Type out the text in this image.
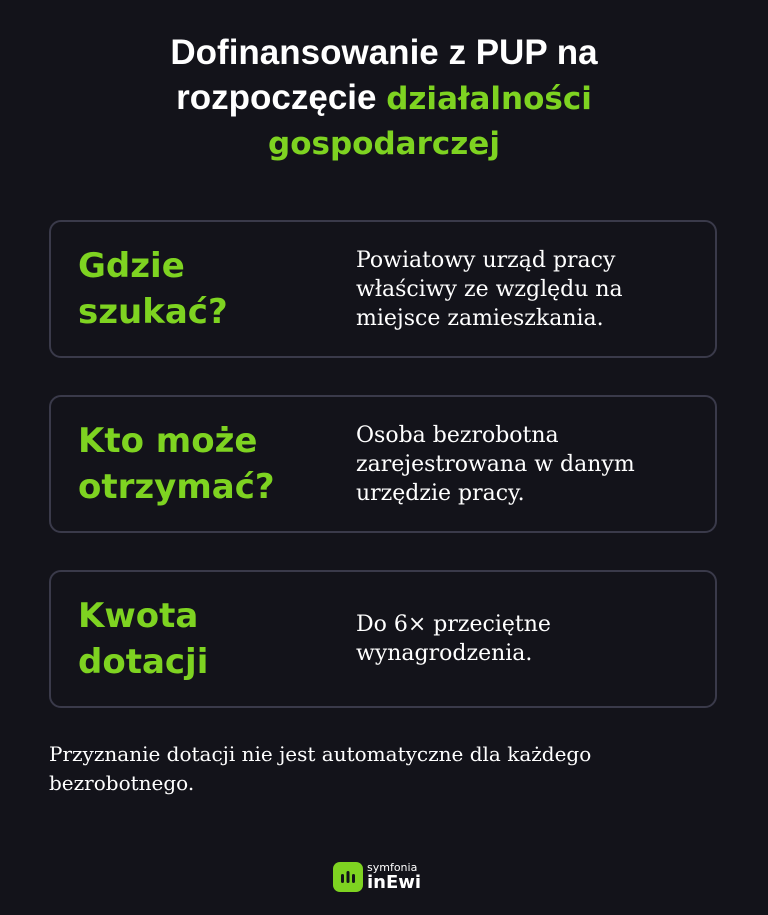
Dofinansowanie z PUP na
rozpoczęcie działalności
gospodarczej
Gdzie
szukać?
Powiatowy urząd pracy właściwy ze względu na miejsce zamieszkania.
Kto może
otrzymać?
Osoba bezrobotna zarejestrowana w danym urzędzie pracy.
Kwota
dotacji
Do 6× przeciętne wynagrodzenia.
Przyznanie dotacji nie jest automatyczne dla każdego bezrobotnego.
symfonia
inEwi
